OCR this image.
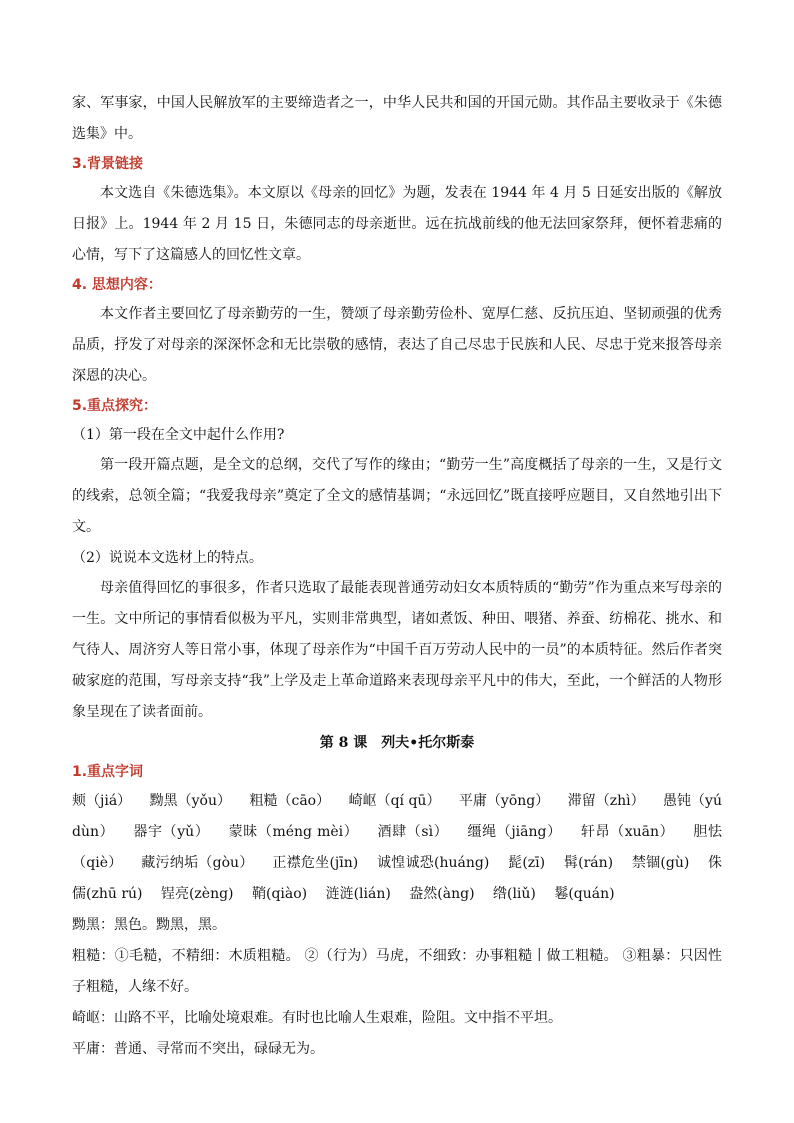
家、军事家，中国人民解放军的主要缔造者之一，中华人民共和国的开国元勋。其作品主要收录于《朱德选集》中。

3.背景链接

本文选自《朱德选集》。本文原以《母亲的回忆》为题，发表在 1944 年 4 月 5 日延安出版的《解放日报》上。1944 年 2 月 15 日，朱德同志的母亲逝世。远在抗战前线的他无法回家祭拜，便怀着悲痛的心情，写下了这篇感人的回忆性文章。

4. 思想内容：

本文作者主要回忆了母亲勤劳的一生，赞颂了母亲勤劳俭朴、宽厚仁慈、反抗压迫、坚韧顽强的优秀品质，抒发了对母亲的深深怀念和无比崇敬的感情，表达了自己尽忠于民族和人民、尽忠于党来报答母亲深恩的决心。

5.重点探究：

（1）第一段在全文中起什么作用?

第一段开篇点题，是全文的总纲，交代了写作的缘由；“勤劳一生”高度概括了母亲的一生，又是行文的线索，总领全篇；“我爱我母亲”奠定了全文的感情基调；“永远回忆”既直接呼应题目，又自然地引出下文。

（2）说说本文选材上的特点。

母亲值得回忆的事很多，作者只选取了最能表现普通劳动妇女本质特质的“勤劳”作为重点来写母亲的一生。文中所记的事情看似极为平凡，实则非常典型，诸如煮饭、种田、喂猪、养蚕、纺棉花、挑水、和气待人、周济穷人等日常小事，体现了母亲作为“中国千百万劳动人民中的一员”的本质特征。然后作者突破家庭的范围，写母亲支持“我”上学及走上革命道路来表现母亲平凡中的伟大，至此，一个鲜活的人物形象呈现在了读者面前。

第 8 课　列夫•托尔斯泰

1.重点字词

颊（jiá） 黝黑（yǒu） 粗糙（cāo） 崎岖（qí qū） 平庸（yōng） 滞留（zhì） 愚钝（yú dùn） 器宇（yǔ） 蒙昧（méng mèi） 酒肆（sì） 缰绳（jiāng） 轩昂（xuān） 胆怯（qiè） 藏污纳垢（gòu） 正襟危坐(jīn) 诚惶诚恐(huáng) 髭(zī) 髯(rán) 禁锢(gù) 侏儒(zhū rú) 锃亮(zèng) 鞘(qiào) 涟涟(lián) 盎然(àng) 绺(liǔ) 鬈(quán)

黝黑：黑色。黝黑，黑。

粗糙：①毛糙，不精细：木质粗糙。 ②（行为）马虎，不细致：办事粗糙丨做工粗糙。 ③粗暴：只因性子粗糙，人缘不好。

崎岖：山路不平，比喻处境艰难。有时也比喻人生艰难，险阻。文中指不平坦。

平庸：普通、寻常而不突出，碌碌无为。
